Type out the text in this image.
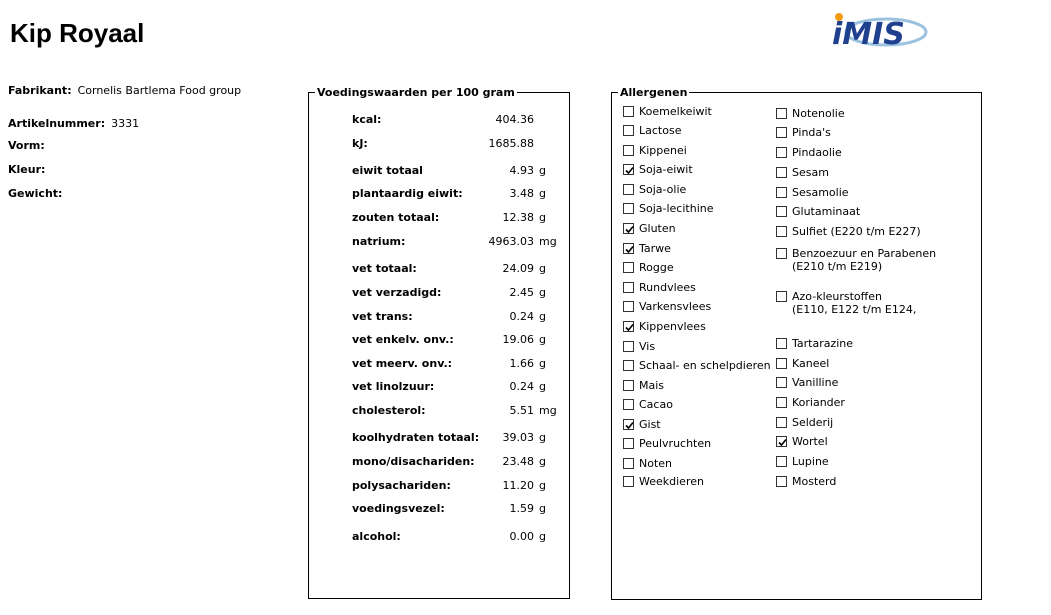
Kip Royaal	iMIS
Fabrikant: Cornelis Bartlema Food group
Artikelnummer: 3331
Vorm:
Kleur:
Gewicht:
Voedingswaarden per 100 gram
kcal:	404.36
kJ:	1685.88
eiwit totaal	4.93 g
plantaardig eiwit:	3.48 g
zouten totaal:	12.38 g
natrium:	4963.03 mg
vet totaal:	24.09 g
vet verzadigd:	2.45 g
vet trans:	0.24 g
vet enkelv. onv.:	19.06 g
vet meerv. onv.:	1.66 g
vet linolzuur:	0.24 g
cholesterol:	5.51 mg
koolhydraten totaal: 39.03 g
mono/disachariden:	23.48 g
polysachariden:	11.20 g
voedingsvezel:	1.59 g
alcohol:	0.00 g
Allergenen
Koemelkeiwit
Lactose
Kippenei
Soja-eiwit
Soja-olie
Soja-lecithine
Gluten
Tarwe
Rogge
Rundvlees
Varkensvlees
Kippenvlees
Vis
Schaal- en schelpdieren
Mais
Cacao
Gist
Peulvruchten
Noten
Weekdieren
Notenolie
Pinda's
Pindaolie
Sesam
Sesamolie
Glutaminaat
Sulfiet (E220 t/m E227)
Benzoezuur en Parabenen
(E210 t/m E219)
Azo-kleurstoffen
(E110, E122 t/m E124,
Tartarazine
Kaneel
Vanilline
Koriander
Selderij
Wortel
Lupine
Mosterd
